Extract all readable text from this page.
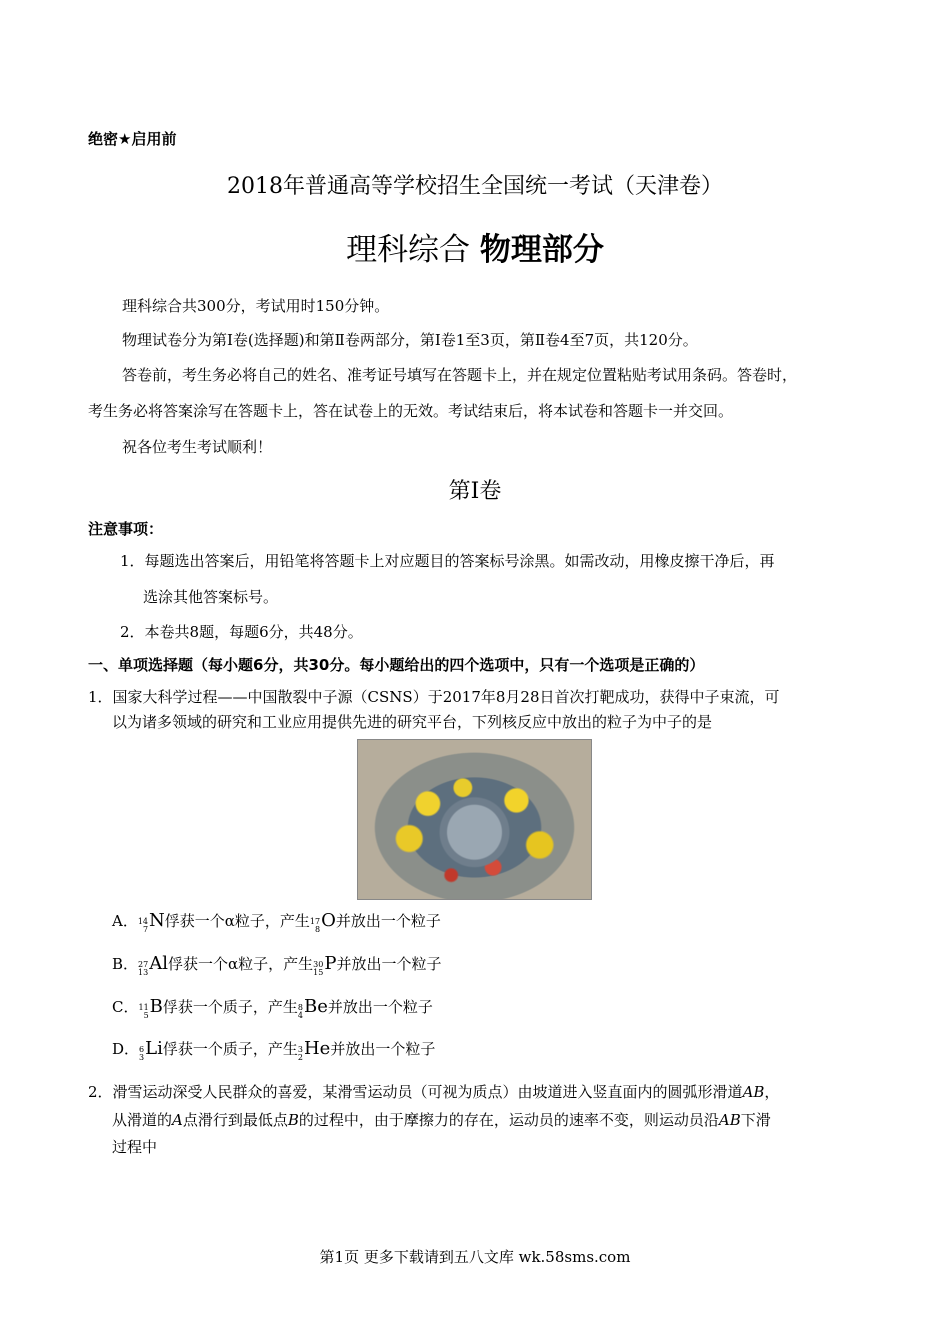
绝密★启用前
2018年普通高等学校招生全国统一考试（天津卷）
理科综合 物理部分
理科综合共300分，考试用时150分钟。
物理试卷分为第Ⅰ卷(选择题)和第Ⅱ卷两部分，第Ⅰ卷1至3页，第Ⅱ卷4至7页，共120分。
答卷前，考生务必将自己的姓名、准考证号填写在答题卡上，并在规定位置粘贴考试用条码。答卷时，
考生务必将答案涂写在答题卡上，答在试卷上的无效。考试结束后，将本试卷和答题卡一并交回。
祝各位考生考试顺利！
第Ⅰ卷
注意事项：
1．每题选出答案后，用铅笔将答题卡上对应题目的答案标号涂黑。如需改动，用橡皮擦干净后，再
选涂其他答案标号。
2．本卷共8题，每题6分，共48分。
一、单项选择题（每小题6分，共30分。每小题给出的四个选项中，只有一个选项是正确的）
1．国家大科学过程——中国散裂中子源（CSNS）于2017年8月28日首次打靶成功，获得中子束流，可
以为诸多领域的研究和工业应用提供先进的研究平台，下列核反应中放出的粒子为中子的是
A． 14
7 N俘获一个α粒子，产生 17
8 O并放出一个粒子
B． 27
13 Al俘获一个α粒子，产生 30
15 P并放出一个粒子
C． 11
5 B俘获一个质子，产生 8
4 Be并放出一个粒子
D． 6
3 Li俘获一个质子，产生 3
2 He并放出一个粒子
2．滑雪运动深受人民群众的喜爱，某滑雪运动员（可视为质点）由坡道进入竖直面内的圆弧形滑道AB，
从滑道的A点滑行到最低点B的过程中，由于摩擦力的存在，运动员的速率不变，则运动员沿AB下滑
过程中
第1页 更多下载请到五八文库 wk.58sms.com
